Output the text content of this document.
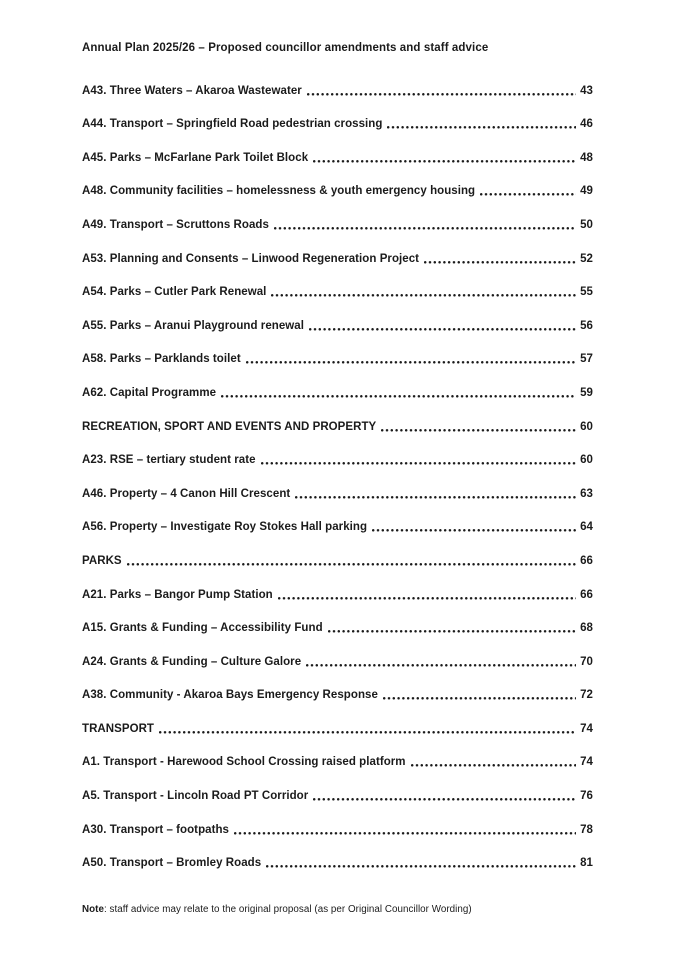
Annual Plan 2025/26 – Proposed councillor amendments and staff advice
A43. Three Waters – Akaroa Wastewater	43
A44. Transport – Springfield Road pedestrian crossing	46
A45. Parks – McFarlane Park Toilet Block	48
A48. Community facilities – homelessness & youth emergency housing	49
A49. Transport – Scruttons Roads	50
A53. Planning and Consents – Linwood Regeneration Project	52
A54. Parks – Cutler Park Renewal	55
A55. Parks – Aranui Playground renewal	56
A58. Parks – Parklands toilet	57
A62. Capital Programme	59
RECREATION, SPORT AND EVENTS AND PROPERTY	60
A23. RSE – tertiary student rate	60
A46. Property – 4 Canon Hill Crescent	63
A56. Property – Investigate Roy Stokes Hall parking	64
PARKS	66
A21. Parks – Bangor Pump Station	66
A15. Grants & Funding – Accessibility Fund	68
A24. Grants & Funding – Culture Galore	70
A38. Community - Akaroa Bays Emergency Response	72
TRANSPORT	74
A1. Transport - Harewood School Crossing raised platform	74
A5. Transport - Lincoln Road PT Corridor	76
A30. Transport – footpaths	78
A50. Transport – Bromley Roads	81
Note: staff advice may relate to the original proposal (as per Original Councillor Wording)
